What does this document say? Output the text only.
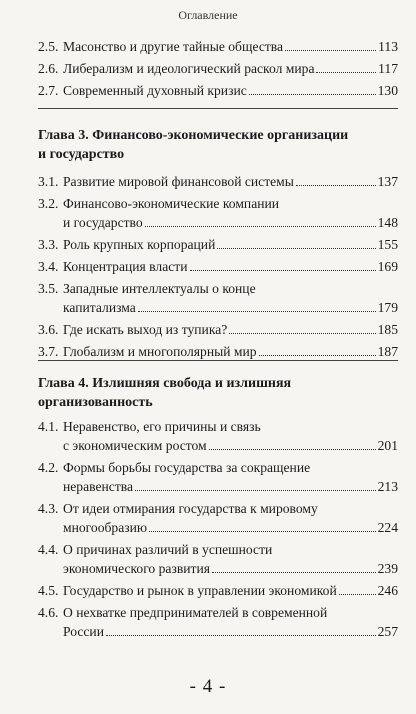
Оглавление
2.5. Масонство и другие тайные общества	113
2.6. Либерализм и идеологический раскол мира	117
2.7. Современный духовный кризис	130
Глава 3. Финансово-экономические организации
и государство
3.1. Развитие мировой финансовой системы	137
3.2. Финансово-экономические компании
и государство	148
3.3. Роль крупных корпораций	155
3.4. Концентрация власти	169
3.5. Западные интеллектуалы о конце
капитализма	179
3.6. Где искать выход из тупика?	185
3.7. Глобализм и многополярный мир	187
Глава 4. Излишняя свобода и излишняя
организованность
4.1. Неравенство, его причины и связь
с экономическим ростом	201
4.2. Формы борьбы государства за сокращение
неравенства	213
4.3. От идеи отмирания государства к мировому
многообразию	224
4.4. О причинах различий в успешности
экономического развития	239
4.5. Государство и рынок в управлении экономикой	246
4.6. О нехватке предпринимателей в современной
России	257
- 4 -
